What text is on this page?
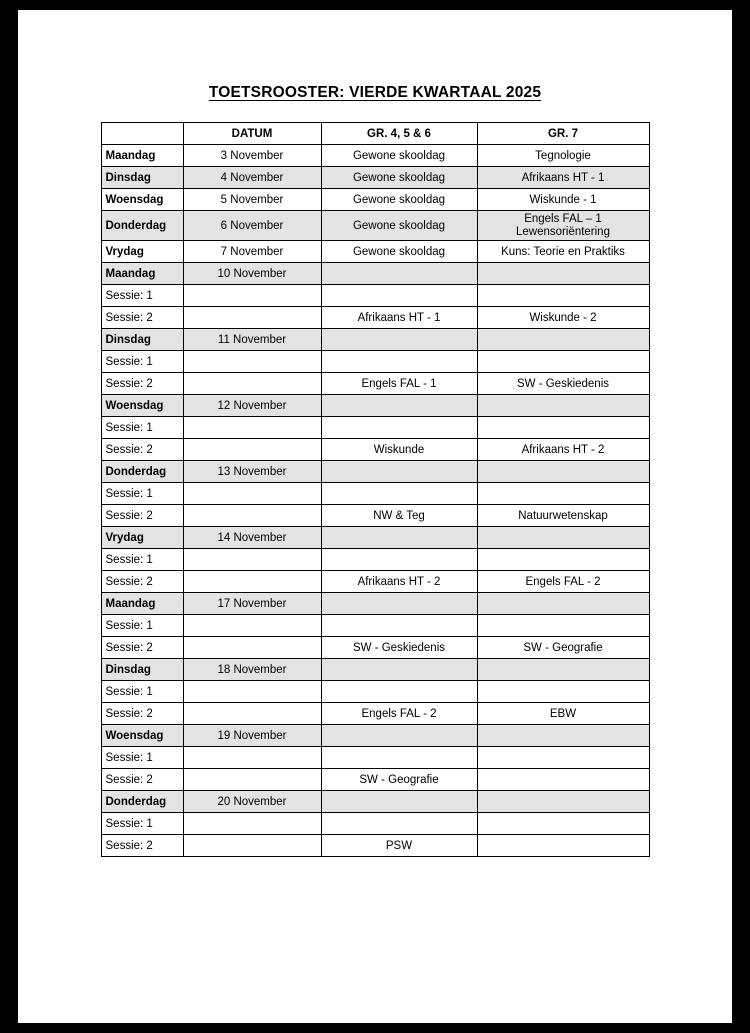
TOETSROOSTER: VIERDE KWARTAAL 2025
	DATUM	GR. 4, 5 & 6	GR. 7
Maandag	3 November	Gewone skooldag	Tegnologie
Dinsdag	4 November	Gewone skooldag	Afrikaans HT - 1
Woensdag	5 November	Gewone skooldag	Wiskunde - 1
Donderdag	6 November	Gewone skooldag	Engels FAL – 1
Lewensoriëntering
Vrydag	7 November	Gewone skooldag	Kuns: Teorie en Praktiks
Maandag	10 November		
Sessie: 1			
Sessie: 2		Afrikaans HT - 1	Wiskunde - 2
Dinsdag	11 November		
Sessie: 1			
Sessie: 2		Engels FAL - 1	SW - Geskiedenis
Woensdag	12 November		
Sessie: 1			
Sessie: 2		Wiskunde	Afrikaans HT - 2
Donderdag	13 November		
Sessie: 1			
Sessie: 2		NW & Teg	Natuurwetenskap
Vrydag	14 November		
Sessie: 1			
Sessie: 2		Afrikaans HT - 2	Engels FAL - 2
Maandag	17 November		
Sessie: 1			
Sessie: 2		SW - Geskiedenis	SW - Geografie
Dinsdag	18 November		
Sessie: 1			
Sessie: 2		Engels FAL - 2	EBW
Woensdag	19 November		
Sessie: 1			
Sessie: 2		SW - Geografie	
Donderdag	20 November		
Sessie: 1			
Sessie: 2		PSW	
